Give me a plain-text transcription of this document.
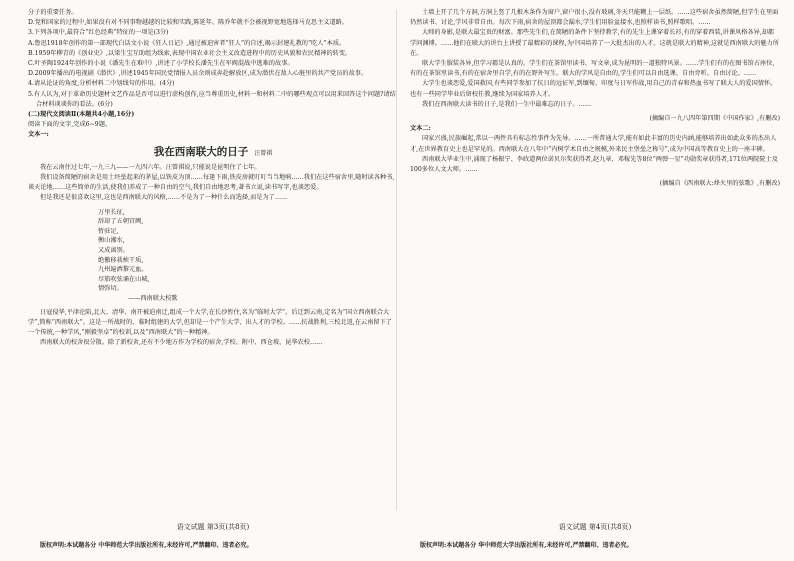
分子的重要任务。
D.党和国家的过程中,如果没有对不同事物越越的比较和实践,陈延年、陈乔年就不会被视野宽地选择马克思主义道路。
3.下列各项中,最符合“红色经典”特征的一项是(3分)
A.鲁迅1918年创作的第一部现代白话文小说《狂人日记》,通过被迫害者“狂人”的自述,揭示封建礼教的“吃人”本质。
B.1959年柳青的《创业史》,以梁生宝互助组为线索,表现中国农业社会主义改造进程中的历史风貌和农民精神的转变。
C.叶圣陶1924年创作的小说《潘先生在难中》,讲述了小学校长潘先生在军阀混战中逃难的故事。
D.2009年播出的电视剧《潜伏》,讲述1945年国民党情报人员余则成奔赴解放区,成为潜伏在敌人心脏里的共产党员的故事。
4.请从论证的角度,分析材料二中划线句的作用。(4分)
5.有人认为,对于革命历史题材文艺作品是否可以进行虚构创作,应当尊重历史,材料一和材料二中的哪些观点可以用来回答这个问题?请结合材料谈谈你的看法。(6分)
(二)现代文阅读Ⅱ(本题共4小题,16分)
阅读下面的文字,完成6~9题。
文本一:
我在西南联大的日子 汪曾祺
我在云南住过七年,一九三九——一九四六年。汪曾祺说,只能说是昆明住了七年。
我们设备简陋的宿舍是用土坯垒起来的茅屋,以铁皮为顶……每逢下雨,铁皮房就叮叮当当地响……我们在这些宿舍里,随时读各种书,谈天论地……这些简单的生活,使我们养成了一种自由的空气,我们自由地思考,著书立说,读书写字,也谈恋爱。
但是我还是很喜欢这里,这也是西南联大的风格,……不是为了一种什么而选择,而是为了……
万里长征,
辞却了五朝宫阙,
暂驻足,
衡山湘水,
又成离别。
绝徼移栽桢干质,
九州遍洒黎元血。
尽笳吹弦诵在山城,
情弥切。
——西南联大校歌
日寇侵华,平津沦陷,北大、清华、南开被迫南迁,组成一个大学,在长沙暂住,名为“临时大学”。后迁到云南,定名为“国立西南联合大学”,简称“西南联大”。这是一所战时的、临时组建的大学,但却是一个产生大学、出人才的学校。……抗战胜利,三校北返,在云南留下了一个传统,一种学风,“刚毅坚卓”的校训,以及“西南联大”的一种精神。
西南联大的校舍很分散。除了新校舍,还有不少地方作为学校的宿舍,学校、附中、西仓坡、昆华农校……
土墙上开了几个方洞,方洞上竖了几根木条作为窗户,窗户很小,没有玻璃,冬天只能糊上一层纸。……这些宿舍虽然简陋,但学生在里面仍然读书、讨论,学风非常自由。每次下雨,宿舍的屋顶都会漏水,学生们用脸盆接水,也照样读书,照样歌唱。……
大师的身影,是联大最宝贵的财富。那些先生们,在简陋的条件下坚持教学,有的先生上课穿着长衫,有的穿着西装,讲课风格各异,却都学问渊博。……他们在联大的讲台上讲授了最精彩的课程,为中国培养了一大批杰出的人才。这就是联大的精神,这就是西南联大的魅力所在。
联大学生服装各异,但学习都是认真的。学生们在茶馆里读书、写文章,成为昆明的一道独特风景。……学生们有的在图书馆占座位,有的在茶馆里读书,有的在宿舍里自学,有的在野外写生。联大的学风是自由的,学生们可以自由选课、自由旁听、自由讨论。……
大学生也谈恋爱,爱国救国,有些同学参加了抗日的远征军,到缅甸、印度与日军作战,用自己的青春和热血书写了联大人的爱国情怀。也有一些同学毕业后留校任教,继续为国家培养人才。
我们在西南联大读书的日子,是我们一生中最难忘的日子。……
(摘编自一九八四年第四期《中国作家》,有删改)
文本二:
国家兴盛,民族崛起,常以一两件具有标志性事件为先导。……一所普通大学,能有如此丰富的历史内涵,能够培养出如此众多的杰出人才,在世界教育史上也是罕见的。西南联大在八年中“内树学术自由之规模,外来民主堡垒之称号”,成为中国高等教育史上的一座丰碑。
西南联大毕业生中,涌现了杨振宁、李政道两位诺贝尔奖获得者,赵九章、邓稼先等8位“两弹一星”功勋奖章获得者,171位两院院士及100多位人文大师。……
(摘编自《西南联大:烽火里的弦歌》,有删改)
语文试题 第3页(共8页)	语文试题 第4页(共8页)
版权声明:本试题各分 中华师范大学出版社所有,未经许可,严禁翻印、违者必究。	版权声明:本试题各分 华中师范大学出版社所有,未经许可,严禁翻印、违者必究。
